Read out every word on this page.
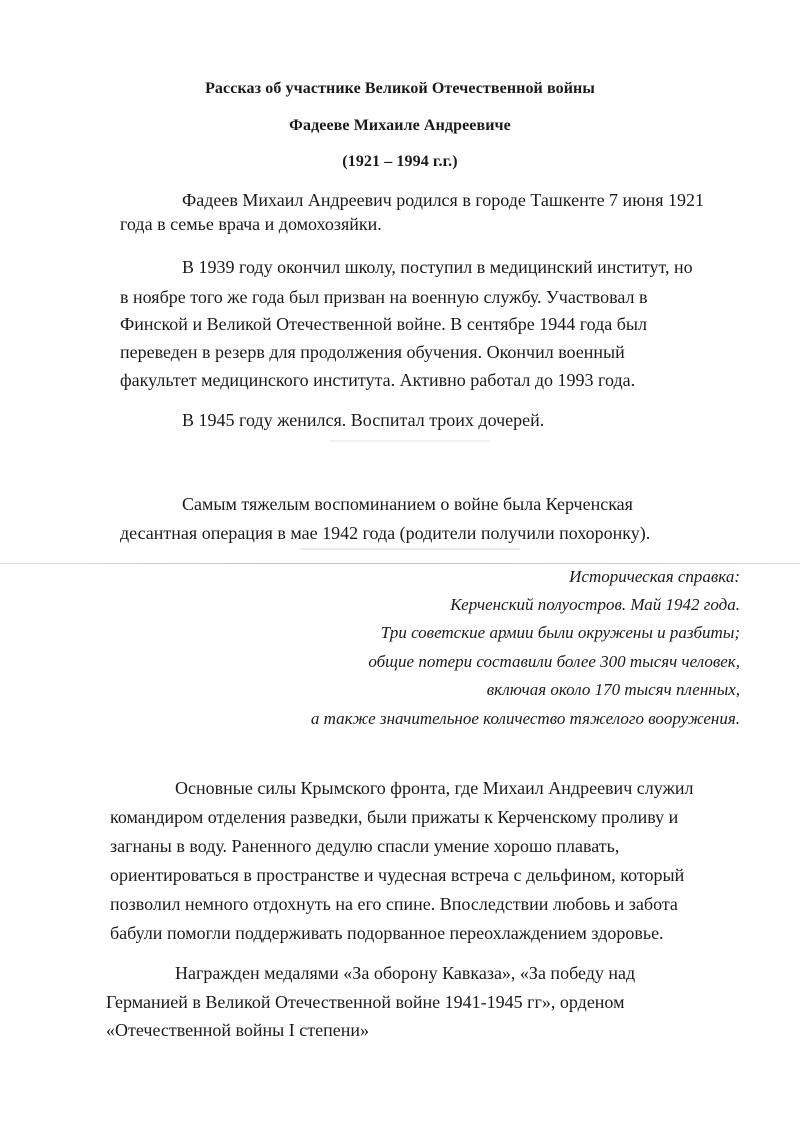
Рассказ об участнике Великой Отечественной войны
Фадееве Михаиле Андреевиче
(1921 – 1994 г.г.)
Фадеев Михаил Андреевич родился в городе Ташкенте 7 июня 1921
года в семье врача и домохозяйки.
В 1939 году окончил школу, поступил в медицинский институт, но
в ноябре того же года был призван на военную службу. Участвовал в
Финской и Великой Отечественной войне. В сентябре 1944 года был
переведен в резерв для продолжения обучения. Окончил военный
факультет медицинского института. Активно работал до 1993 года.
В 1945 году женился. Воспитал троих дочерей.
Самым тяжелым воспоминанием о войне была Керченская
десантная операция в мае 1942 года (родители получили похоронку).
Историческая справка:
Керченский полуостров. Май 1942 года.
Три советские армии были окружены и разбиты;
общие потери составили более 300 тысяч человек,
включая около 170 тысяч пленных,
а также значительное количество тяжелого вооружения.
Основные силы Крымского фронта, где Михаил Андреевич служил
командиром отделения разведки, были прижаты к Керченскому проливу и
загнаны в воду. Раненного дедулю спасли умение хорошо плавать,
ориентироваться в пространстве и чудесная встреча с дельфином, который
позволил немного отдохнуть на его спине. Впоследствии любовь и забота
бабули помогли поддерживать подорванное переохлаждением здоровье.
Награжден медалями «За оборону Кавказа», «За победу над
Германией в Великой Отечественной войне 1941-1945 гг», орденом
«Отечественной войны I степени»
